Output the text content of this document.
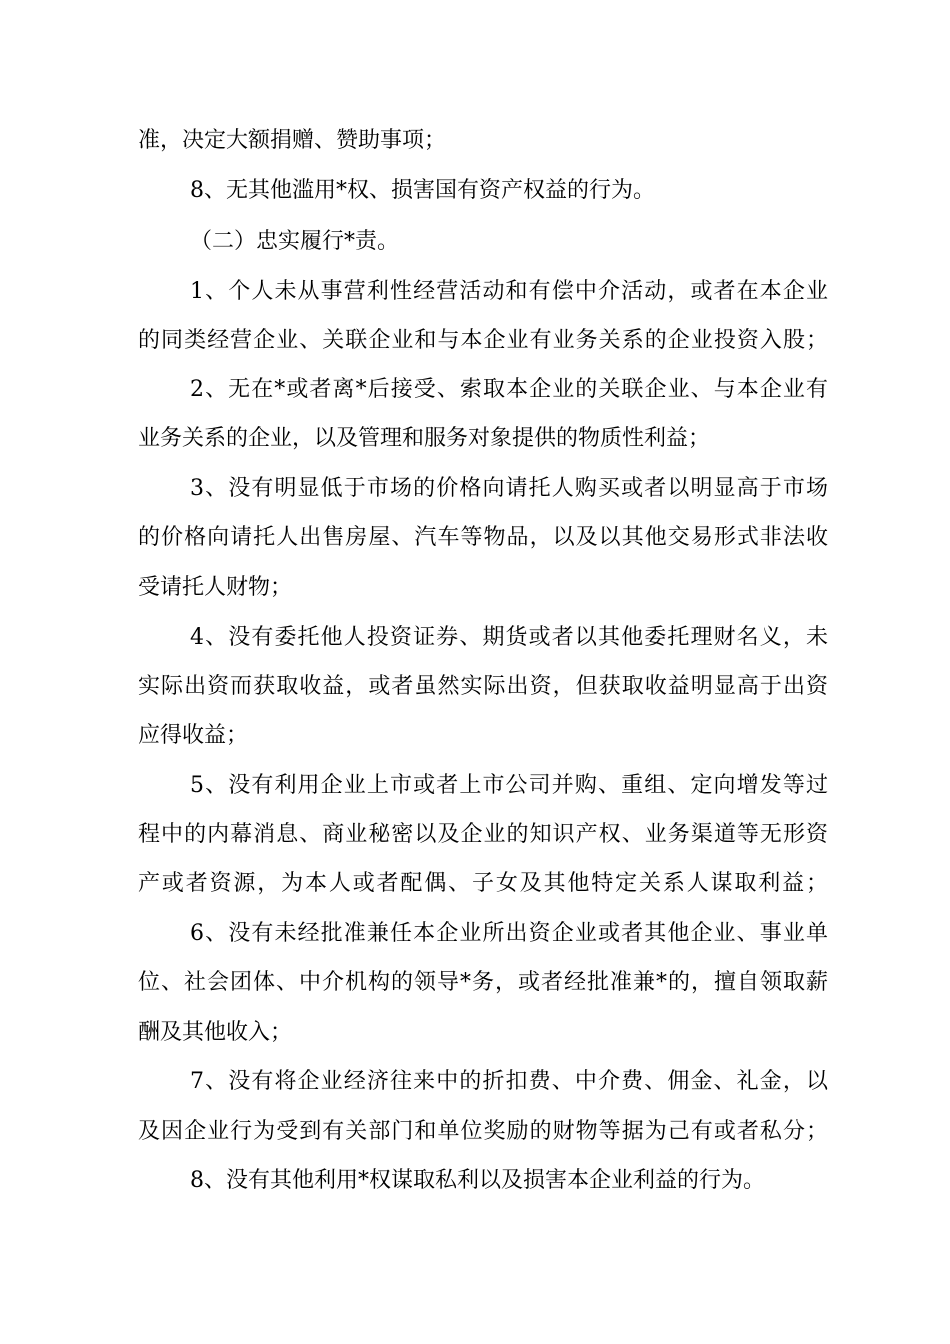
准，决定大额捐赠、赞助事项；
8、无其他滥用*权、损害国有资产权益的行为。
（二）忠实履行*责。
1、个人未从事营利性经营活动和有偿中介活动，或者在本企业
的同类经营企业、关联企业和与本企业有业务关系的企业投资入股；
2、无在*或者离*后接受、索取本企业的关联企业、与本企业有
业务关系的企业，以及管理和服务对象提供的物质性利益；
3、没有明显低于市场的价格向请托人购买或者以明显高于市场
的价格向请托人出售房屋、汽车等物品，以及以其他交易形式非法收
受请托人财物；
4、没有委托他人投资证券、期货或者以其他委托理财名义，未
实际出资而获取收益，或者虽然实际出资，但获取收益明显高于出资
应得收益；
5、没有利用企业上市或者上市公司并购、重组、定向增发等过
程中的内幕消息、商业秘密以及企业的知识产权、业务渠道等无形资
产或者资源，为本人或者配偶、子女及其他特定关系人谋取利益；
6、没有未经批准兼任本企业所出资企业或者其他企业、事业单
位、社会团体、中介机构的领导*务，或者经批准兼*的，擅自领取薪
酬及其他收入；
7、没有将企业经济往来中的折扣费、中介费、佣金、礼金，以
及因企业行为受到有关部门和单位奖励的财物等据为己有或者私分；
8、没有其他利用*权谋取私利以及损害本企业利益的行为。
